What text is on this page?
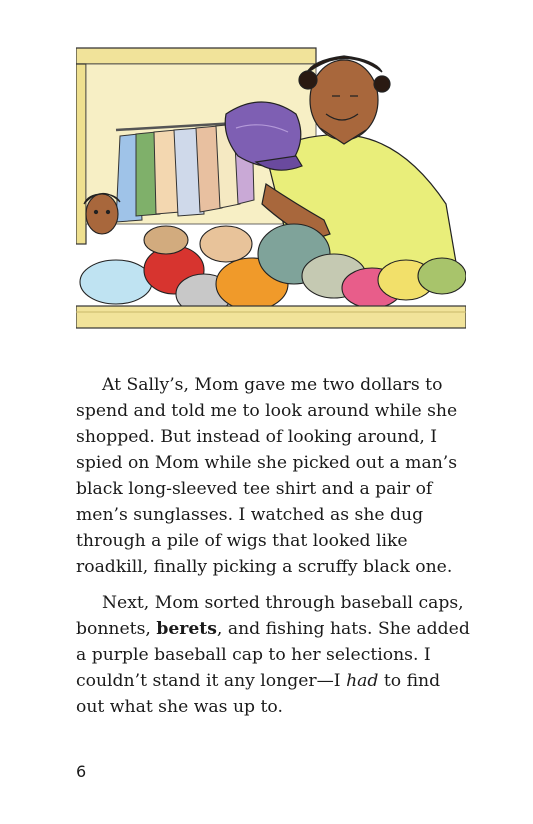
At Sally’s, Mom gave me two dollars to
spend and told me to look around while she
shopped. But instead of looking around, I
spied on Mom while she picked out a man’s
black long-sleeved tee shirt and a pair of
men’s sunglasses. I watched as she dug
through a pile of wigs that looked like
roadkill, finally picking a scruffy black one.

Next, Mom sorted through baseball caps,
bonnets, berets, and fishing hats. She added
a purple baseball cap to her selections. I
couldn’t stand it any longer—I had to find
out what she was up to.

6
